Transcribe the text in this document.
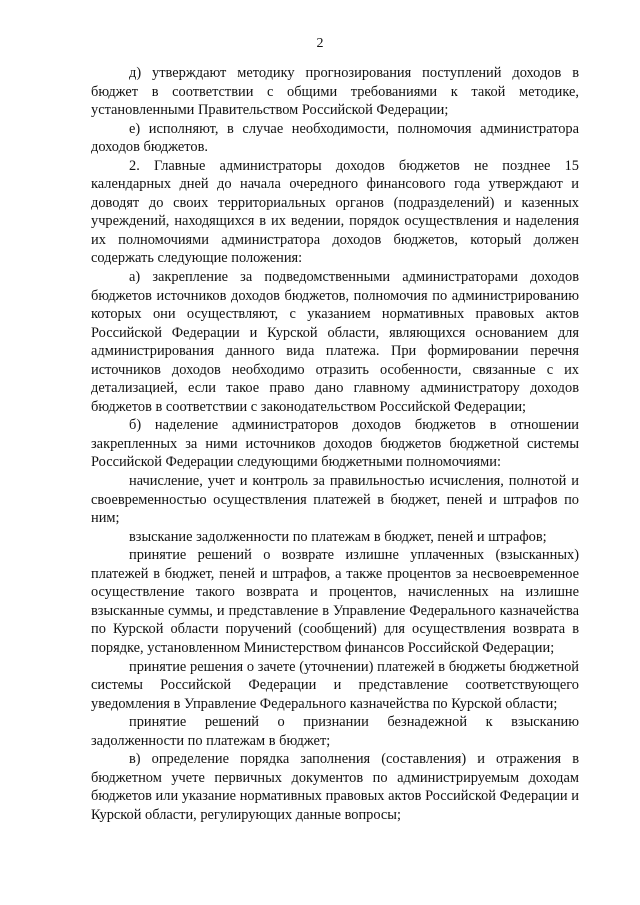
2

д) утверждают методику прогнозирования поступлений доходов в бюджет в соответствии с общими требованиями к такой методике, установленными Правительством Российской Федерации;

е) исполняют, в случае необходимости, полномочия администратора доходов бюджетов.

2. Главные администраторы доходов бюджетов не позднее 15 календарных дней до начала очередного финансового года утверждают и доводят до своих территориальных органов (подразделений) и казенных учреждений, находящихся в их ведении, порядок осуществления и наделения их полномочиями администратора доходов бюджетов, который должен содержать следующие положения:

а) закрепление за подведомственными администраторами доходов бюджетов источников доходов бюджетов, полномочия по администрированию которых они осуществляют, с указанием нормативных правовых актов Российской Федерации и Курской области, являющихся основанием для администрирования данного вида платежа. При формировании перечня источников доходов необходимо отразить особенности, связанные с их детализацией, если такое право дано главному администратору доходов бюджетов в соответствии с законодательством Российской Федерации;

б) наделение администраторов доходов бюджетов в отношении закрепленных за ними источников доходов бюджетов бюджетной системы Российской Федерации следующими бюджетными полномочиями:

начисление, учет и контроль за правильностью исчисления, полнотой и своевременностью осуществления платежей в бюджет, пеней и штрафов по ним;

взыскание задолженности по платежам в бюджет, пеней и штрафов;

принятие решений о возврате излишне уплаченных (взысканных) платежей в бюджет, пеней и штрафов, а также процентов за несвоевременное осуществление такого возврата и процентов, начисленных на излишне взысканные суммы, и представление в Управление Федерального казначейства по Курской области поручений (сообщений) для осуществления возврата в порядке, установленном Министерством финансов Российской Федерации;

принятие решения о зачете (уточнении) платежей в бюджеты бюджетной системы Российской Федерации и представление соответствующего уведомления в Управление Федерального казначейства по Курской области;

принятие решений о признании безнадежной к взысканию задолженности по платежам в бюджет;

в) определение порядка заполнения (составления) и отражения в бюджетном учете первичных документов по администрируемым доходам бюджетов или указание нормативных правовых актов Российской Федерации и Курской области, регулирующих данные вопросы;
